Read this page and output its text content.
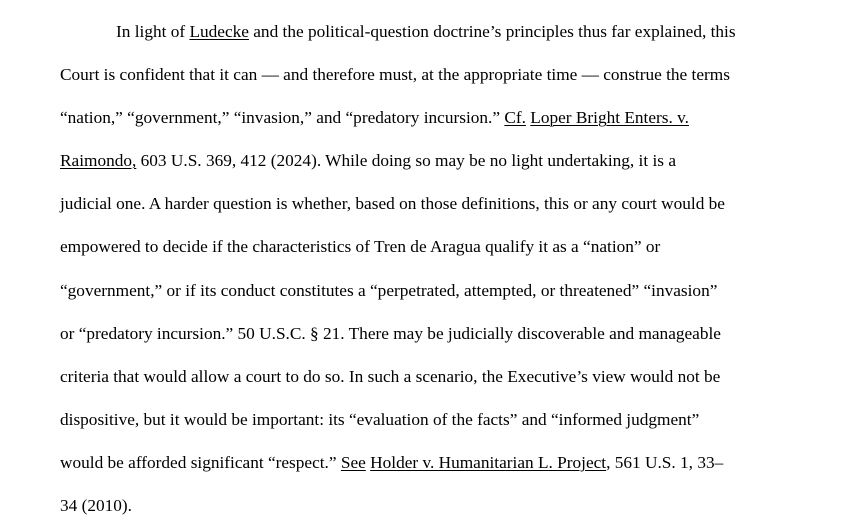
In light of Ludecke and the political-question doctrine’s principles thus far explained, this
Court is confident that it can — and therefore must, at the appropriate time — construe the terms
“nation,” “government,” “invasion,” and “predatory incursion.” Cf. Loper Bright Enters. v.
Raimondo, 603 U.S. 369, 412 (2024). While doing so may be no light undertaking, it is a
judicial one. A harder question is whether, based on those definitions, this or any court would be
empowered to decide if the characteristics of Tren de Aragua qualify it as a “nation” or
“government,” or if its conduct constitutes a “perpetrated, attempted, or threatened” “invasion”
or “predatory incursion.” 50 U.S.C. § 21. There may be judicially discoverable and manageable
criteria that would allow a court to do so. In such a scenario, the Executive’s view would not be
dispositive, but it would be important: its “evaluation of the facts” and “informed judgment”
would be afforded significant “respect.” See Holder v. Humanitarian L. Project, 561 U.S. 1, 33–
34 (2010).
